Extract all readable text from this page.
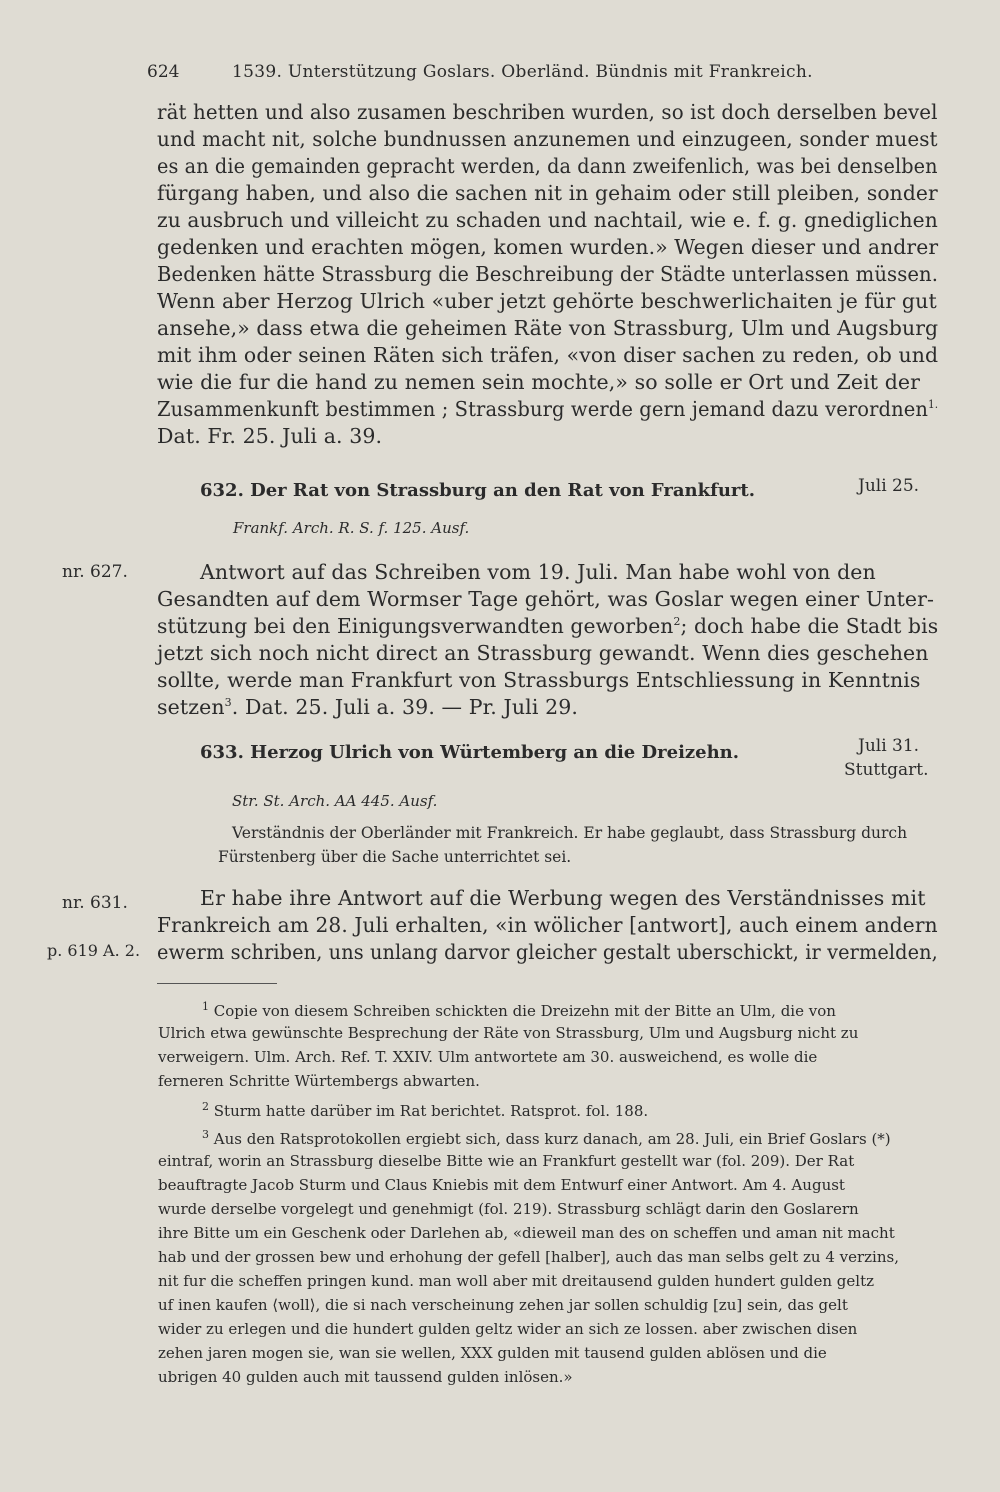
624	1539. Unterstützung Goslars. Oberländ. Bündnis mit Frankreich.
rät hetten und also zusamen beschriben wurden, so ist doch derselben bevel
und macht nit, solche bundnussen anzunemen und einzugeen, sonder muest
es an die gemainden gepracht werden, da dann zweifenlich, was bei denselben
fürgang haben, und also die sachen nit in gehaim oder still pleiben, sonder
zu ausbruch und villeicht zu schaden und nachtail, wie e. f. g. gnediglichen
gedenken und erachten mögen, komen wurden.» Wegen dieser und andrer
Bedenken hätte Strassburg die Beschreibung der Städte unterlassen müssen.
Wenn aber Herzog Ulrich «uber jetzt gehörte beschwerlichaiten je für gut
ansehe,» dass etwa die geheimen Räte von Strassburg, Ulm und Augsburg
mit ihm oder seinen Räten sich träfen, «von diser sachen zu reden, ob und
wie die fur die hand zu nemen sein mochte,» so solle er Ort und Zeit der
Zusammenkunft bestimmen ; Strassburg werde gern jemand dazu verordnen$^{1.}$
Dat. Fr. 25. Juli a. 39.
632. Der Rat von Strassburg an den Rat von Frankfurt.	Juli 25.
Frankf. Arch. R. S. f. 125. Ausf.
nr. 627.	Antwort auf das Schreiben vom 19. Juli. Man habe wohl von den
Gesandten auf dem Wormser Tage gehört, was Goslar wegen einer Unter-
stützung bei den Einigungsverwandten geworben$^2$; doch habe die Stadt bis
jetzt sich noch nicht direct an Strassburg gewandt. Wenn dies geschehen
sollte, werde man Frankfurt von Strassburgs Entschliessung in Kenntnis
setzen$^3$. Dat. 25. Juli a. 39. — Pr. Juli 29.
633. Herzog Ulrich von Würtemberg an die Dreizehn.	Juli 31.
Stuttgart.
Str. St. Arch. AA 445. Ausf.
Verständnis der Oberländer mit Frankreich. Er habe geglaubt, dass Strassburg durch
Fürstenberg über die Sache unterrichtet sei.
nr. 631.
p. 619 A. 2.
Er habe ihre Antwort auf die Werbung wegen des Verständnisses mit
Frankreich am 28. Juli erhalten, «in wölicher [antwort], auch einem andern
ewerm schriben, uns unlang darvor gleicher gestalt uberschickt, ir vermelden,
$^1$ Copie von diesem Schreiben schickten die Dreizehn mit der Bitte an Ulm, die von
Ulrich etwa gewünschte Besprechung der Räte von Strassburg, Ulm und Augsburg nicht zu
verweigern. Ulm. Arch. Ref. T. XXIV. Ulm antwortete am 30. ausweichend, es wolle die
ferneren Schritte Würtembergs abwarten.
$^2$ Sturm hatte darüber im Rat berichtet. Ratsprot. fol. 188.
$^3$ Aus den Ratsprotokollen ergiebt sich, dass kurz danach, am 28. Juli, ein Brief Goslars (*)
eintraf, worin an Strassburg dieselbe Bitte wie an Frankfurt gestellt war (fol. 209). Der Rat
beauftragte Jacob Sturm und Claus Kniebis mit dem Entwurf einer Antwort. Am 4. August
wurde derselbe vorgelegt und genehmigt (fol. 219). Strassburg schlägt darin den Goslarern
ihre Bitte um ein Geschenk oder Darlehen ab, «dieweil man des on scheffen und aman nit macht
hab und der grossen bew und erhohung der gefell [halber], auch das man selbs gelt zu 4 verzins,
nit fur die scheffen pringen kund. man woll aber mit dreitausend gulden hundert gulden geltz
uf inen kaufen ⟨woll⟩, die si nach verscheinung zehen jar sollen schuldig [zu] sein, das gelt
wider zu erlegen und die hundert gulden geltz wider an sich ze lossen. aber zwischen disen
zehen jaren mogen sie, wan sie wellen, XXX gulden mit tausend gulden ablösen und die
ubrigen 40 gulden auch mit taussend gulden inlösen.»
